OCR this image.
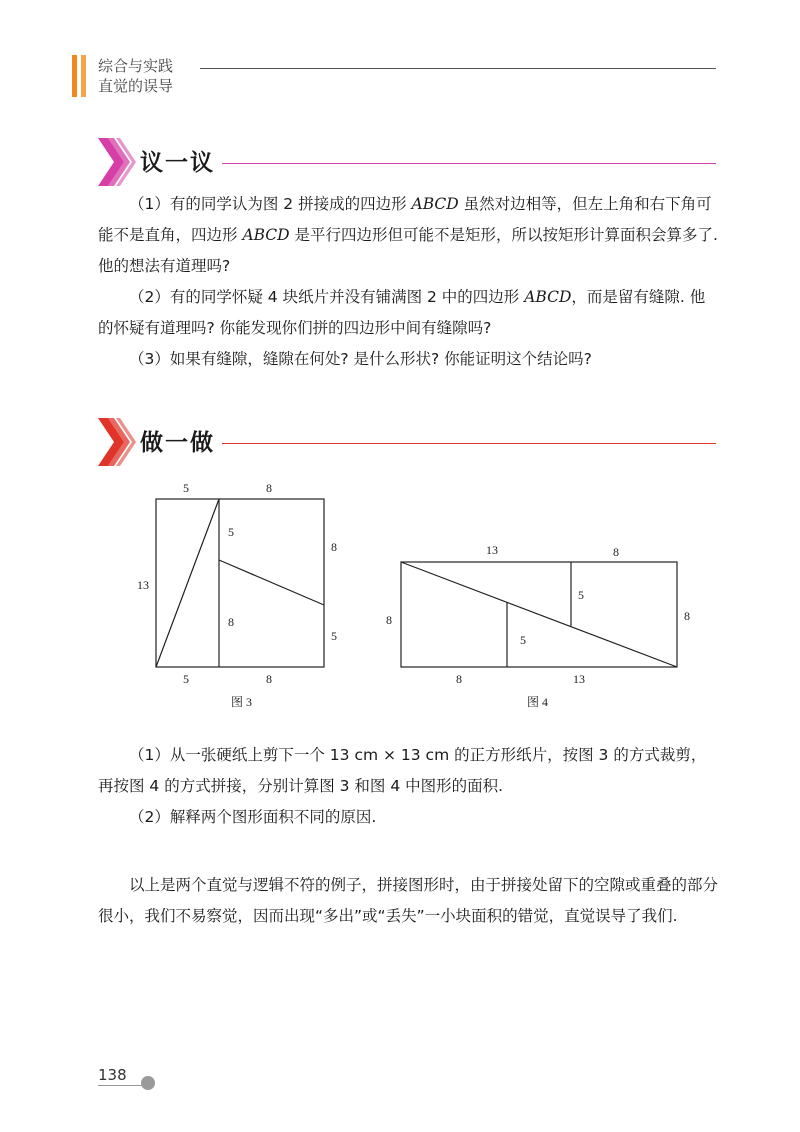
综合与实践
直觉的误导
议一议

（1）有的同学认为图 2 拼接成的四边形 ABCD 虽然对边相等，但左上角和右下角可能不是直角，四边形 ABCD 是平行四边形但可能不是矩形，所以按矩形计算面积会算多了. 他的想法有道理吗?

（2）有的同学怀疑 4 块纸片并没有铺满图 2 中的四边形 ABCD，而是留有缝隙. 他的怀疑有道理吗? 你能发现你们拼的四边形中间有缝隙吗?

（3）如果有缝隙，缝隙在何处? 是什么形状? 你能证明这个结论吗?

做一做
5	8
13
8
5
5
8
5	8
图 3
13	8
8	8
5
5
8	13
图 4

（1）从一张硬纸上剪下一个 13 cm × 13 cm 的正方形纸片，按图 3 的方式裁剪，再按图 4 的方式拼接，分别计算图 3 和图 4 中图形的面积.

（2）解释两个图形面积不同的原因.

以上是两个直觉与逻辑不符的例子，拼接图形时，由于拼接处留下的空隙或重叠的部分很小，我们不易察觉，因而出现“多出”或“丢失”一小块面积的错觉，直觉误导了我们.

138
